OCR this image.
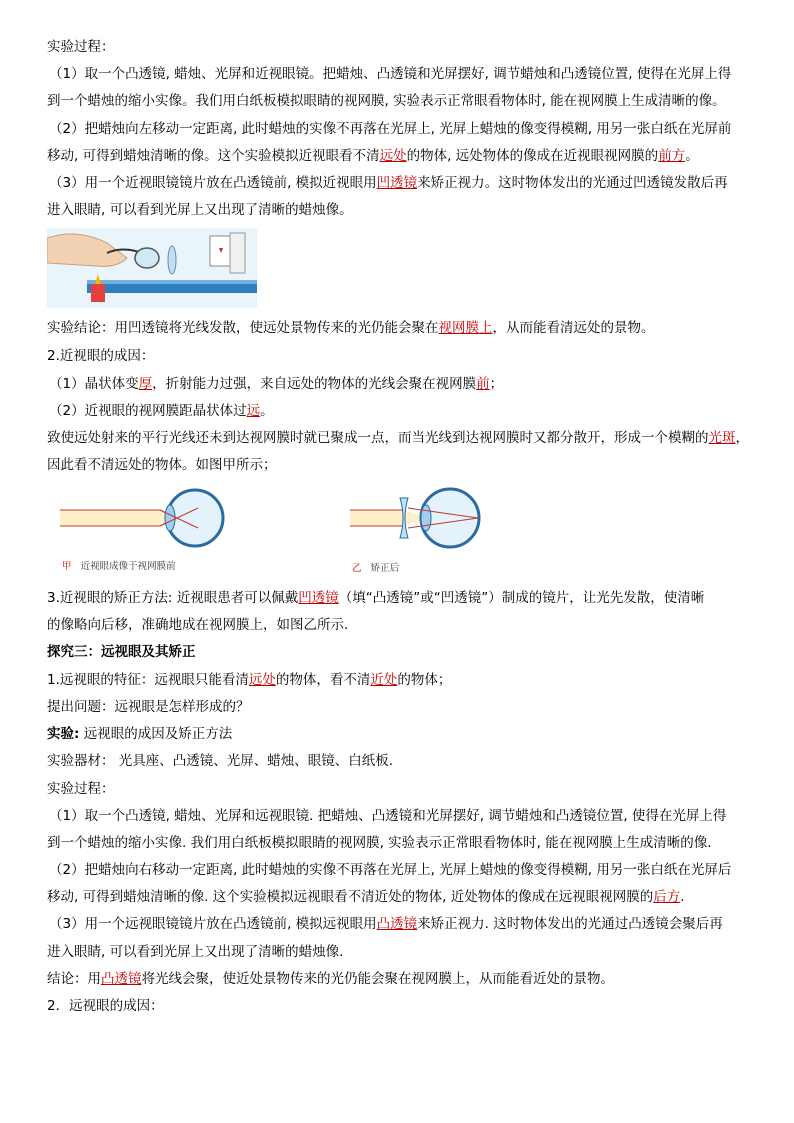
实验过程：
（1）取一个凸透镜, 蜡烛、光屏和近视眼镜。把蜡烛、凸透镜和光屏摆好, 调节蜡烛和凸透镜位置, 使得在光屏上得
到一个蜡烛的缩小实像。我们用白纸板模拟眼睛的视网膜, 实验表示正常眼看物体时, 能在视网膜上生成清晰的像。
（2）把蜡烛向左移动一定距离, 此时蜡烛的实像不再落在光屏上, 光屏上蜡烛的像变得模糊, 用另一张白纸在光屏前
移动, 可得到蜡烛清晰的像。这个实验模拟近视眼看不清远处的物体, 远处物体的像成在近视眼视网膜的前方。
（3）用一个近视眼镜镜片放在凸透镜前, 模拟近视眼用凹透镜来矫正视力。这时物体发出的光通过凹透镜发散后再
进入眼睛, 可以看到光屏上又出现了清晰的蜡烛像。
实验结论：用凹透镜将光线发散，使远处景物传来的光仍能会聚在视网膜上，从而能看清远处的景物。
2.近视眼的成因：
（1）晶状体变厚，折射能力过强，来自远处的物体的光线会聚在视网膜前；
（2）近视眼的视网膜距晶状体过远。
致使远处射来的平行光线还未到达视网膜时就已聚成一点，而当光线到达视网膜时又都分散开，形成一个模糊的光斑，
因此看不清远处的物体。如图甲所示；
甲 近视眼成像于视网膜前	乙 矫正后
3.近视眼的矫正方法: 近视眼患者可以佩戴凹透镜（填“凸透镜”或“凹透镜”）制成的镜片，让光先发散，使清晰
的像略向后移，准确地成在视网膜上，如图乙所示.
探究三：远视眼及其矫正
1.远视眼的特征：远视眼只能看清远处的物体，看不清近处的物体；
提出问题：远视眼是怎样形成的？
实验: 远视眼的成因及矫正方法
实验器材： 光具座、凸透镜、光屏、蜡烛、眼镜、白纸板.
实验过程：
（1）取一个凸透镜, 蜡烛、光屏和远视眼镜. 把蜡烛、凸透镜和光屏摆好, 调节蜡烛和凸透镜位置, 使得在光屏上得
到一个蜡烛的缩小实像. 我们用白纸板模拟眼睛的视网膜, 实验表示正常眼看物体时, 能在视网膜上生成清晰的像.
（2）把蜡烛向右移动一定距离, 此时蜡烛的实像不再落在光屏上, 光屏上蜡烛的像变得模糊, 用另一张白纸在光屏后
移动, 可得到蜡烛清晰的像. 这个实验模拟远视眼看不清近处的物体, 近处物体的像成在远视眼视网膜的后方.
（3）用一个远视眼镜镜片放在凸透镜前, 模拟远视眼用凸透镜来矫正视力. 这时物体发出的光通过凸透镜会聚后再
进入眼睛, 可以看到光屏上又出现了清晰的蜡烛像.
结论：用凸透镜将光线会聚，使近处景物传来的光仍能会聚在视网膜上，从而能看近处的景物。
2．远视眼的成因：
